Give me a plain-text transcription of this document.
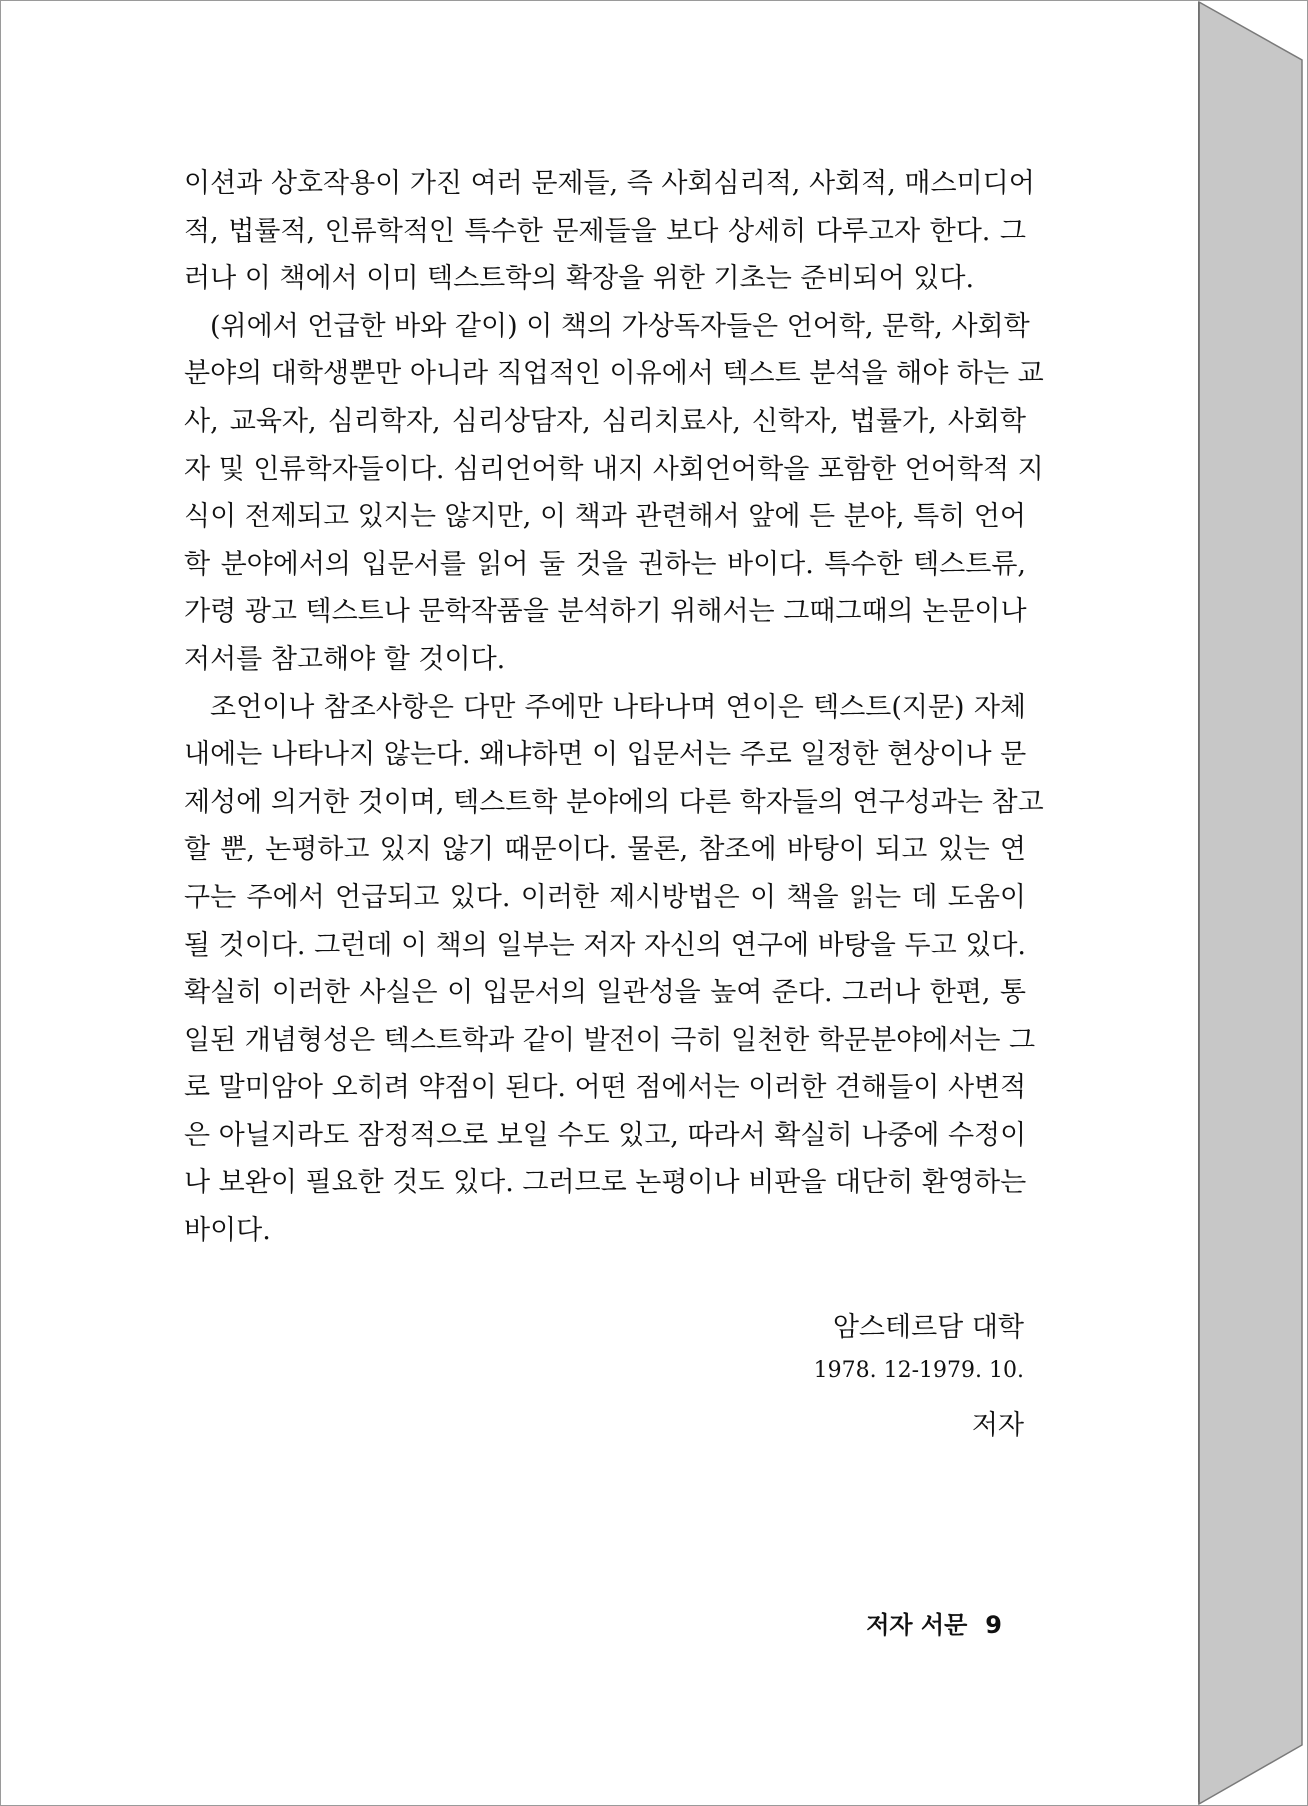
이션과 상호작용이 가진 여러 문제들, 즉 사회심리적, 사회적, 매스미디어
적, 법률적, 인류학적인 특수한 문제들을 보다 상세히 다루고자 한다. 그
러나 이 책에서 이미 텍스트학의 확장을 위한 기초는 준비되어 있다.
(위에서 언급한 바와 같이) 이 책의 가상독자들은 언어학, 문학, 사회학
분야의 대학생뿐만 아니라 직업적인 이유에서 텍스트 분석을 해야 하는 교
사, 교육자, 심리학자, 심리상담자, 심리치료사, 신학자, 법률가, 사회학
자 및 인류학자들이다. 심리언어학 내지 사회언어학을 포함한 언어학적 지
식이 전제되고 있지는 않지만, 이 책과 관련해서 앞에 든 분야, 특히 언어
학 분야에서의 입문서를 읽어 둘 것을 권하는 바이다. 특수한 텍스트류,
가령 광고 텍스트나 문학작품을 분석하기 위해서는 그때그때의 논문이나
저서를 참고해야 할 것이다.
조언이나 참조사항은 다만 주에만 나타나며 연이은 텍스트(지문) 자체
내에는 나타나지 않는다. 왜냐하면 이 입문서는 주로 일정한 현상이나 문
제성에 의거한 것이며, 텍스트학 분야에의 다른 학자들의 연구성과는 참고
할 뿐, 논평하고 있지 않기 때문이다. 물론, 참조에 바탕이 되고 있는 연
구는 주에서 언급되고 있다. 이러한 제시방법은 이 책을 읽는 데 도움이
될 것이다. 그런데 이 책의 일부는 저자 자신의 연구에 바탕을 두고 있다.
확실히 이러한 사실은 이 입문서의 일관성을 높여 준다. 그러나 한편, 통
일된 개념형성은 텍스트학과 같이 발전이 극히 일천한 학문분야에서는 그
로 말미암아 오히려 약점이 된다. 어떤 점에서는 이러한 견해들이 사변적
은 아닐지라도 잠정적으로 보일 수도 있고, 따라서 확실히 나중에 수정이
나 보완이 필요한 것도 있다. 그러므로 논평이나 비판을 대단히 환영하는
바이다.
암스테르담 대학
1978. 12-1979. 10.
저자
저자 서문 9
